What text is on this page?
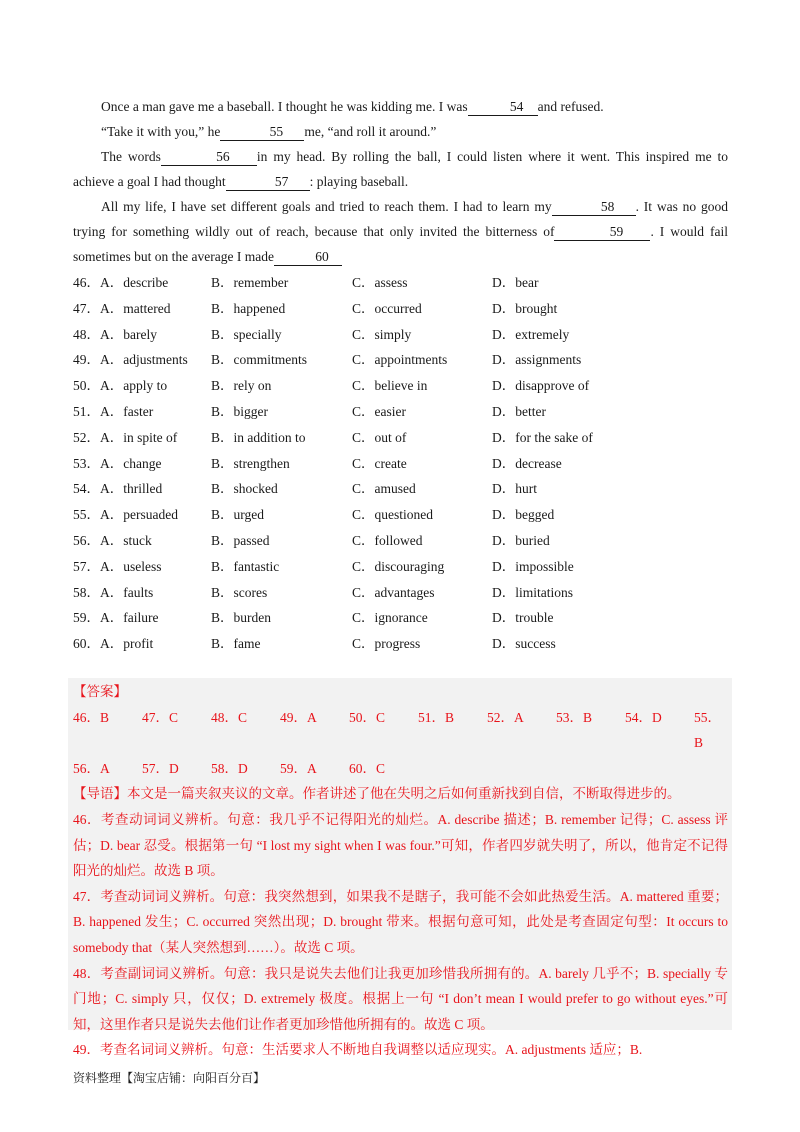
Once a man gave me a baseball. I thought he was kidding me. I was	54 and refused.

“Take it with you,” he	55 me, “and roll it around.”

The words	56 in my head. By rolling the ball, I could listen where it went. This inspired me to achieve a goal I had thought	57 : playing baseball.

All my life, I have set different goals and tried to reach them. I had to learn my	58 . It was no good trying for something wildly out of reach, because that only invited the bitterness of	59 . I would fail sometimes but on the average I made	60

46．A．describe	B．remember	C．assess	D．bear
47．A．mattered	B．happened	C．occurred	D．brought
48．A．barely	B．specially	C．simply	D．extremely
49．A．adjustments B．commitments	C．appointments	D．assignments
50．A．apply to	B．rely on	C．believe in	D．disapprove of
51．A．faster	B．bigger	C．easier	D．better
52．A．in spite of	B．in addition to	C．out of	D．for the sake of
53．A．change	B．strengthen	C．create	D．decrease
54．A．thrilled	B．shocked	C．amused	D．hurt
55．A．persuaded B．urged	C．questioned	D．begged
56．A．stuck	B．passed	C．followed	D．buried
57．A．useless	B．fantastic	C．discouraging	D．impossible
58．A．faults	B．scores	C．advantages	D．limitations
59．A．failure	B．burden	C．ignorance	D．trouble
60．A．profit	B．fame	C．progress	D．success

【答案】

46．B	47．C	48．C	49．A	50．C	51．B	52．A	53．B	54．D	55．B
56．A	57．D	58．D	59．A	60．C

【导语】本文是一篇夹叙夹议的文章。作者讲述了他在失明之后如何重新找到自信，不断取得进步的。

46．考查动词词义辨析。句意：我几乎不记得阳光的灿烂。A. describe 描述；B. remember 记得；C. assess 评估；D. bear 忍受。根据第一句 “I lost my sight when I was four.”可知，作者四岁就失明了，所以，他肯定不记得阳光的灿烂。故选 B 项。

47．考查动词词义辨析。句意：我突然想到，如果我不是瞎子，我可能不会如此热爱生活。A. mattered 重要；B. happened 发生；C. occurred 突然出现；D. brought 带来。根据句意可知，此处是考查固定句型：It occurs to somebody that（某人突然想到……）。故选 C 项。

48．考查副词词义辨析。句意：我只是说失去他们让我更加珍惜我所拥有的。A. barely 几乎不；B. specially 专门地；C. simply 只，仅仅；D. extremely 极度。根据上一句 “I don’t mean I would prefer to go without eyes.”可知，这里作者只是说失去他们让作者更加珍惜他所拥有的。故选 C 项。

49．考查名词词义辨析。句意：生活要求人不断地自我调整以适应现实。A. adjustments 适应；B.

资料整理【淘宝店铺：向阳百分百】
